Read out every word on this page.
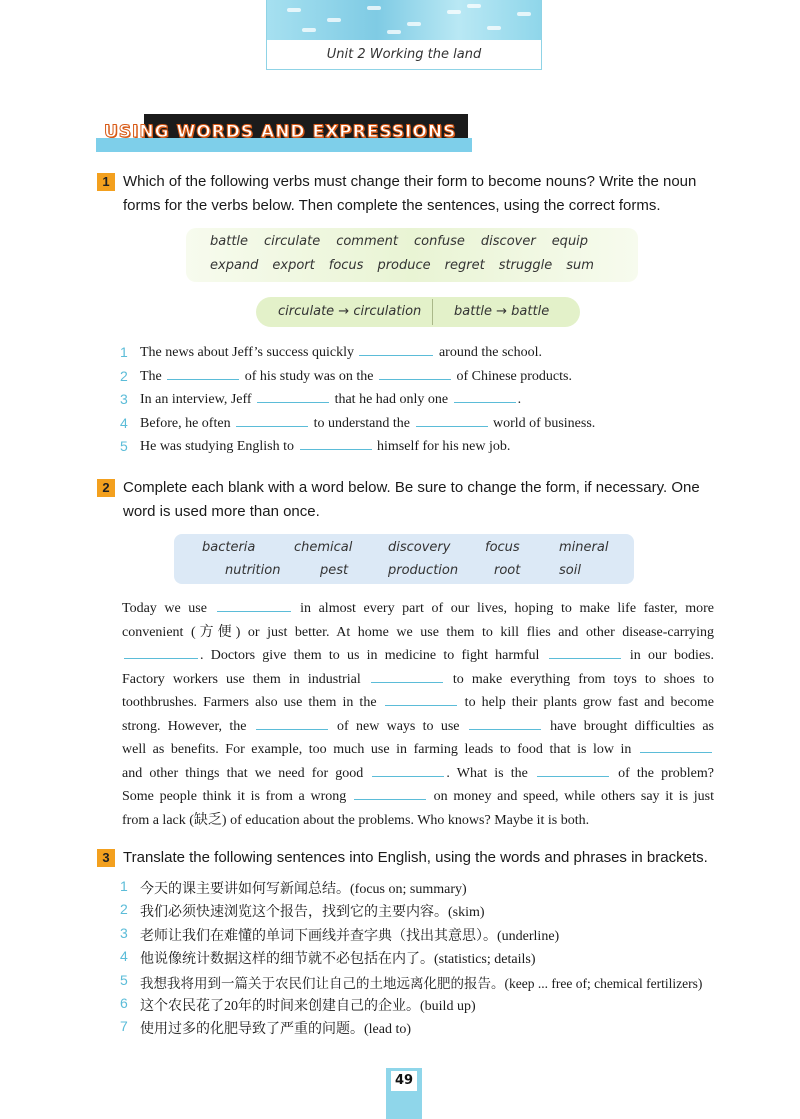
Unit 2 Working the land
USING WORDS AND EXPRESSIONS
1 Which of the following verbs must change their form to become nouns? Write the noun
forms for the verbs below. Then complete the sentences, using the correct forms.
battle circulate comment confuse discover equip
expand export focus produce regret struggle sum
circulate → circulation	battle → battle
1 The news about Jeff’s success quickly	around the school.
2 The	of his study was on the	of Chinese products.
3 In an interview, Jeff	that he had only one	.
4 Before, he often	to understand the	world of business.
5 He was studying English to	himself for his new job.
2 Complete each blank with a word below. Be sure to change the form, if necessary. One
word is used more than once.
bacteria	chemical	discovery	focus	mineral
nutrition	pest	production	root	soil
Today we use	in almost every part of our lives, hoping to make life faster, more
convenient (方便) or just better. At home we use them to kill flies and other disease-carrying
. Doctors give them to us in medicine to fight harmful	in our bodies.
Factory workers use them in industrial	to make everything from toys to shoes to
toothbrushes. Farmers also use them in the	to help their plants grow fast and become
strong. However, the	of new ways to use	have brought difficulties as
well as benefits. For example, too much use in farming leads to food that is low in
and other things that we need for good	. What is the	of the problem?
Some people think it is from a wrong	on money and speed, while others say it is just
from a lack (缺乏) of education about the problems. Who knows? Maybe it is both.
3 Translate the following sentences into English, using the words and phrases in brackets.
1 今天的课主要讲如何写新闻总结。(focus on; summary)
2 我们必须快速浏览这个报告，找到它的主要内容。(skim)
3 老师让我们在难懂的单词下画线并查字典（找出其意思）。(underline)
4 他说像统计数据这样的细节就不必包括在内了。(statistics; details)
5 我想我将用到一篇关于农民们让自己的土地远离化肥的报告。(keep ... free of; chemical fertilizers)
6 这个农民花了20年的时间来创建自己的企业。(build up)
7 使用过多的化肥导致了严重的问题。(lead to)
49
